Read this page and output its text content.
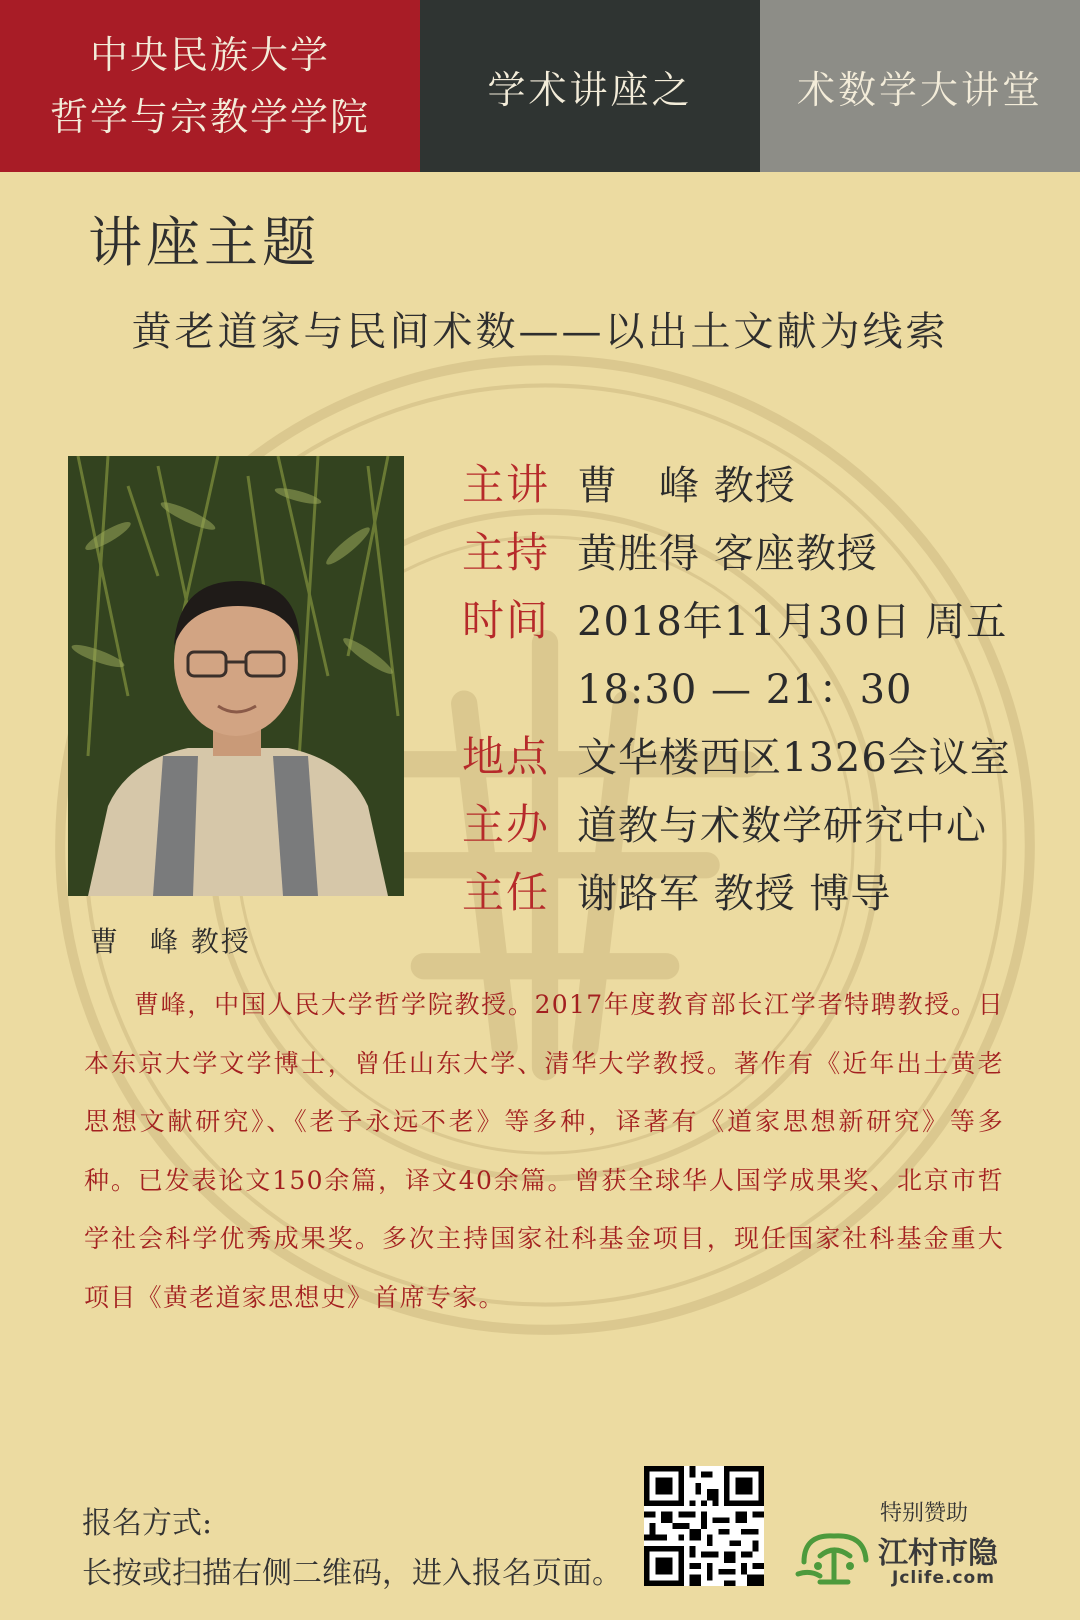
中央民族大学
哲学与宗教学学院
学术讲座之	术数学大讲堂
讲座主题
黄老道家与民间术数——以出土文献为线索
曹　峰 教授
主讲 曹　峰 教授
主持 黄胜得 客座教授
时间 2018年11月30日 周五
18:30 — 21：30
地点 文华楼西区1326会议室
主办 道教与术数学研究中心
主任 谢路军 教授 博导
曹峰，中国人民大学哲学院教授。2017年度教育部长江学者特聘教授。日本东京大学文学博士，曾任山东大学、清华大学教授。著作有《近年出土黄老思想文献研究》、《老子永远不老》等多种，译著有《道家思想新研究》等多种。已发表论文150余篇，译文40余篇。曾获全球华人国学成果奖、北京市哲学社会科学优秀成果奖。多次主持国家社科基金项目，现任国家社科基金重大项目《黄老道家思想史》首席专家。
报名方式:
长按或扫描右侧二维码，进入报名页面。
特别赞助
江村市隐
Jclife.com
